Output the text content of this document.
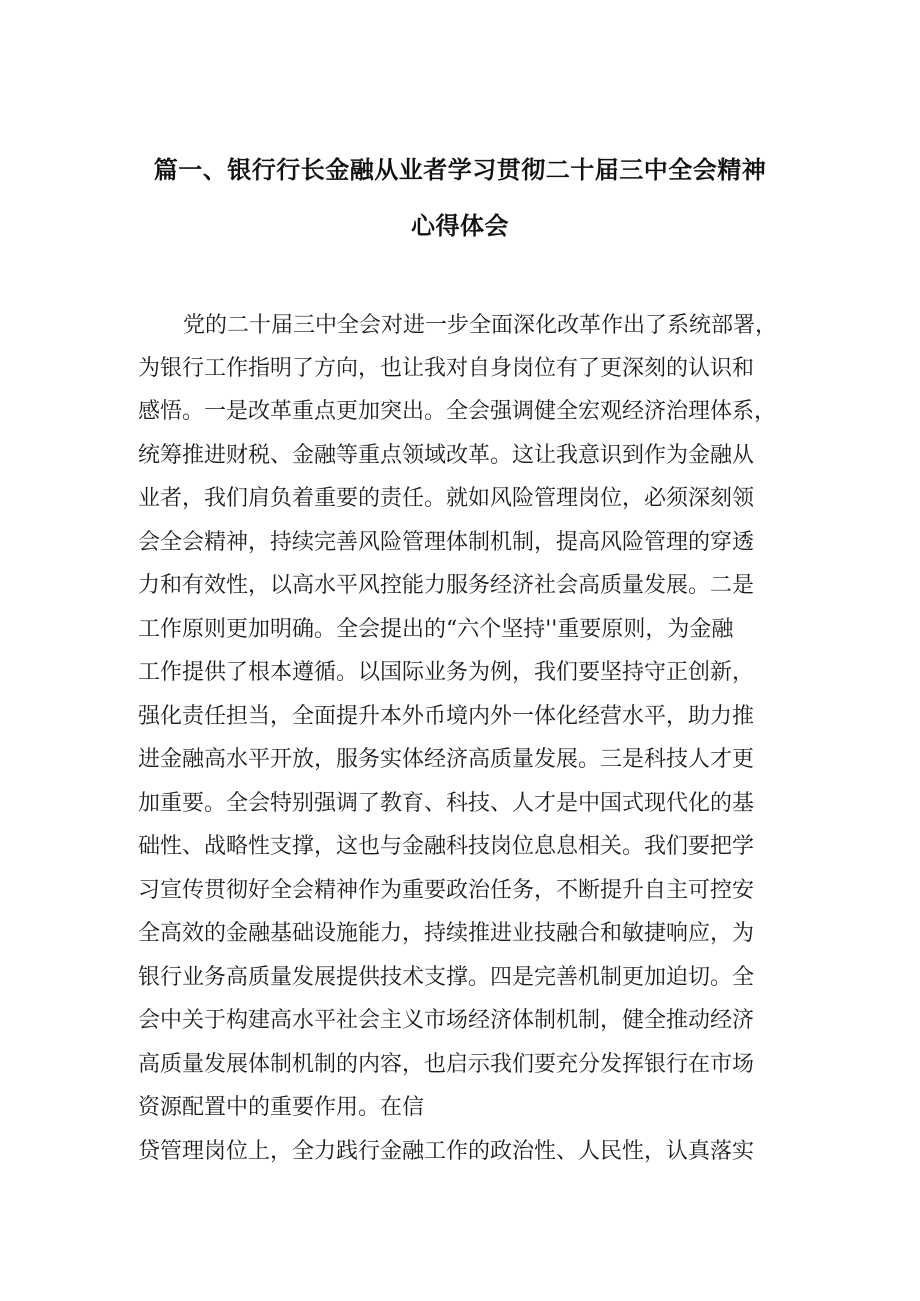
篇一、银行行长金融从业者学习贯彻二十届三中全会精神
心得体会
党的二十届三中全会对进一步全面深化改革作出了系统部署，
为银行工作指明了方向，也让我对自身岗位有了更深刻的认识和
感悟。一是改革重点更加突出。全会强调健全宏观经济治理体系，
统筹推进财税、金融等重点领域改革。这让我意识到作为金融从
业者，我们肩负着重要的责任。就如风险管理岗位，必须深刻领
会全会精神，持续完善风险管理体制机制，提高风险管理的穿透
力和有效性，以高水平风控能力服务经济社会高质量发展。二是
工作原则更加明确。全会提出的“六个坚持''重要原则，为金融
工作提供了根本遵循。以国际业务为例，我们要坚持守正创新，
强化责任担当，全面提升本外币境内外一体化经营水平，助力推
进金融高水平开放，服务实体经济高质量发展。三是科技人才更
加重要。全会特别强调了教育、科技、人才是中国式现代化的基
础性、战略性支撑，这也与金融科技岗位息息相关。我们要把学
习宣传贯彻好全会精神作为重要政治任务，不断提升自主可控安
全高效的金融基础设施能力，持续推进业技融合和敏捷响应，为
银行业务高质量发展提供技术支撑。四是完善机制更加迫切。全
会中关于构建高水平社会主义市场经济体制机制，健全推动经济
高质量发展体制机制的内容，也启示我们要充分发挥银行在市场
资源配置中的重要作用。在信
贷管理岗位上，全力践行金融工作的政治性、人民性，认真落实
